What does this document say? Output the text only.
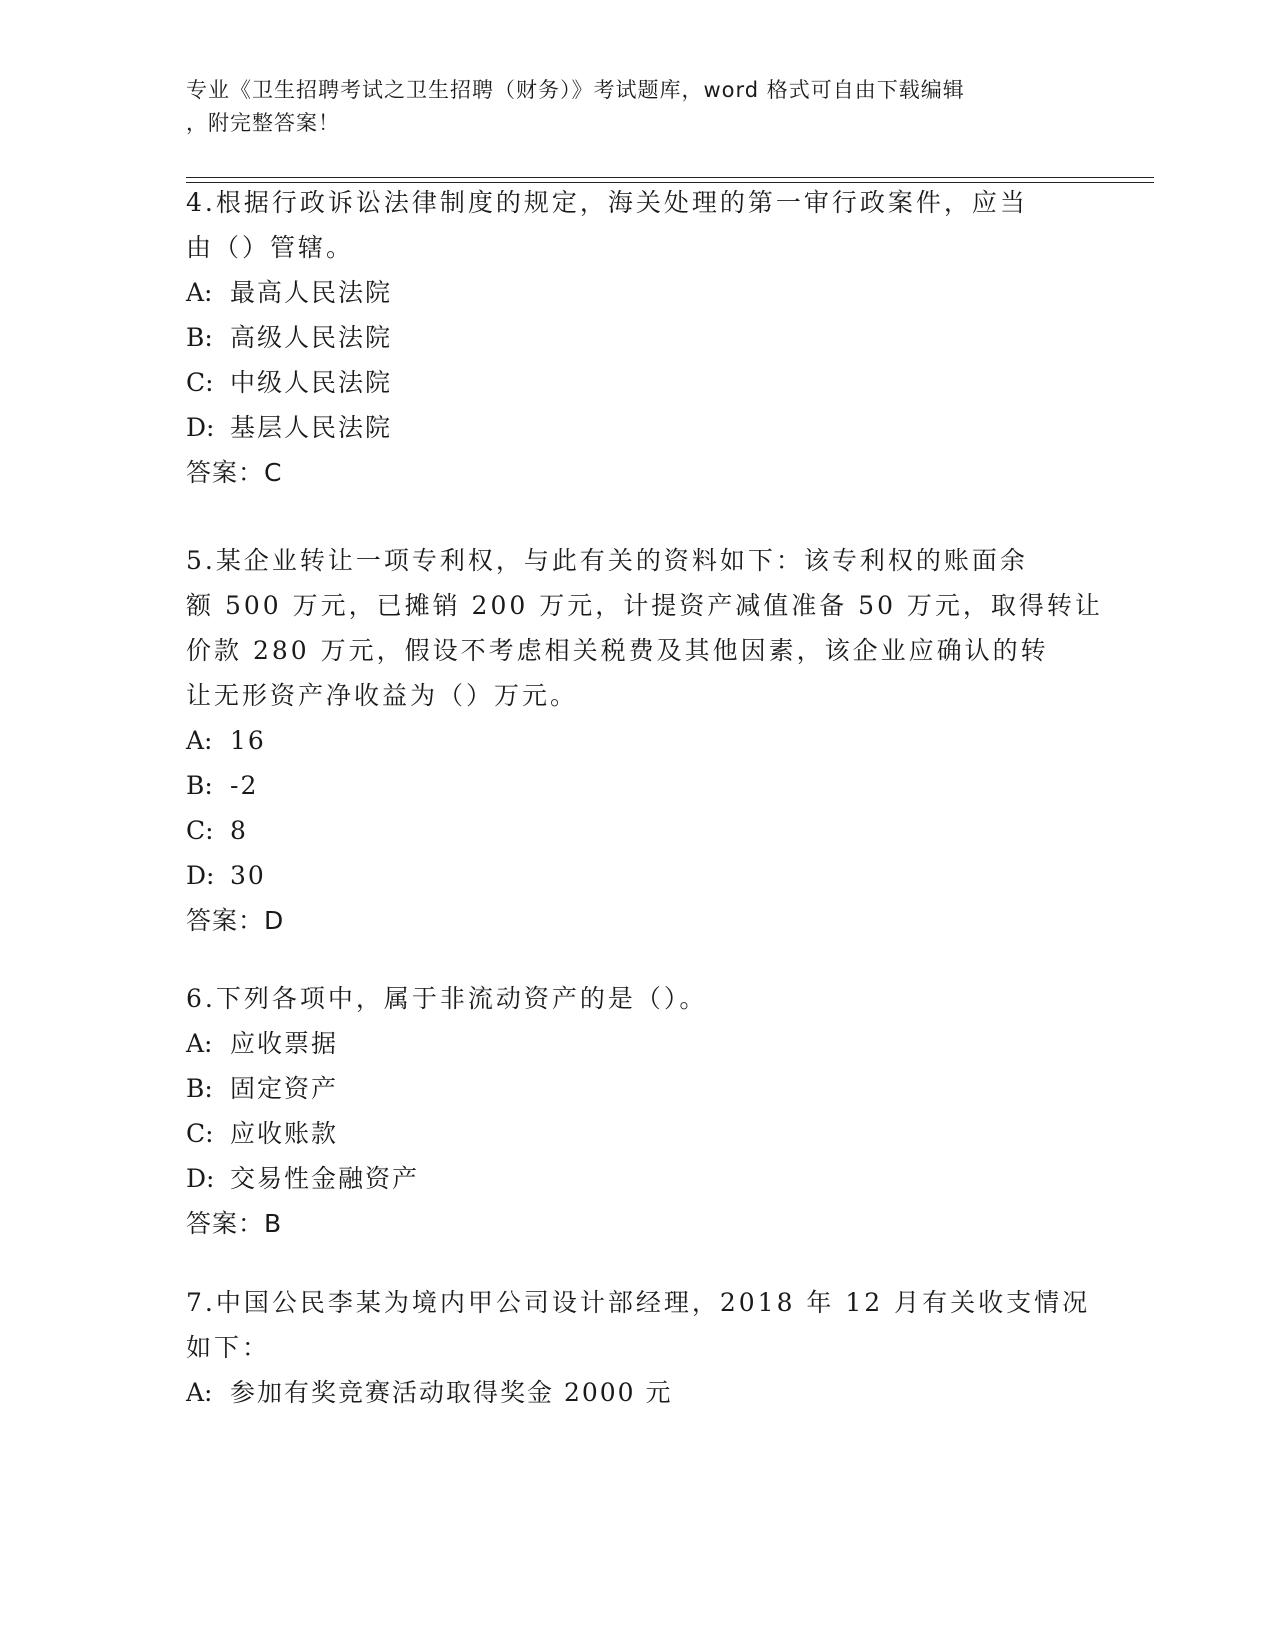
专业《卫生招聘考试之卫生招聘（财务）》考试题库，word 格式可自由下载编辑
，附完整答案！
4.根据行政诉讼法律制度的规定，海关处理的第一审行政案件，应当
由（）管辖。
A: 最高人民法院
B: 高级人民法院
C: 中级人民法院
D: 基层人民法院
答案：C
5.某企业转让一项专利权，与此有关的资料如下：该专利权的账面余
额 500 万元，已摊销 200 万元，计提资产减值准备 50 万元，取得转让
价款 280 万元，假设不考虑相关税费及其他因素，该企业应确认的转
让无形资产净收益为（）万元。
A: 16
B: -2
C: 8
D: 30
答案：D
6.下列各项中，属于非流动资产的是（）。
A: 应收票据
B: 固定资产
C: 应收账款
D: 交易性金融资产
答案：B
7.中国公民李某为境内甲公司设计部经理，2018 年 12 月有关收支情况
如下：
A: 参加有奖竞赛活动取得奖金 2000 元
